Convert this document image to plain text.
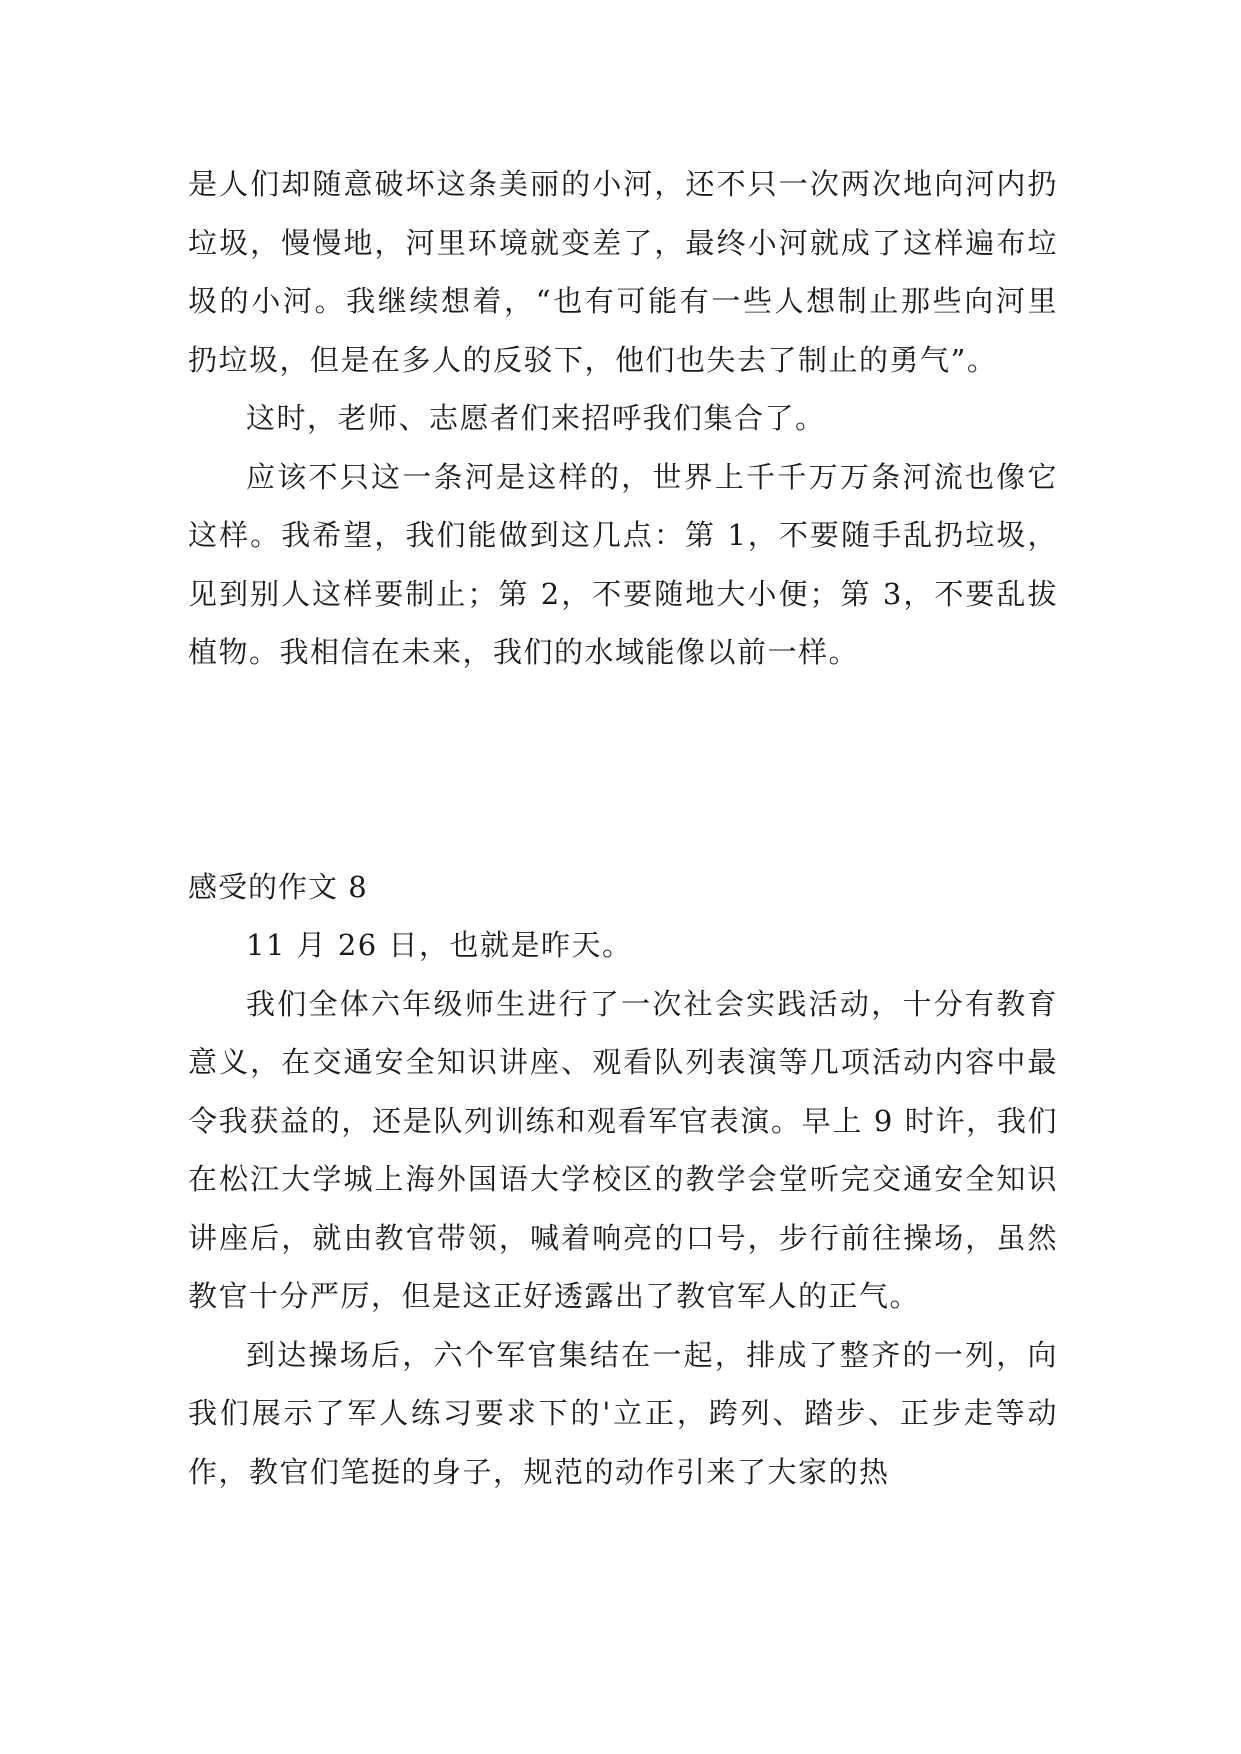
是人们却随意破坏这条美丽的小河，还不只一次两次地向河内扔垃圾，慢慢地，河里环境就变差了，最终小河就成了这样遍布垃圾的小河。我继续想着，“也有可能有一些人想制止那些向河里扔垃圾，但是在多人的反驳下，他们也失去了制止的勇气”。

这时，老师、志愿者们来招呼我们集合了。

应该不只这一条河是这样的，世界上千千万万条河流也像它这样。我希望，我们能做到这几点：第 1，不要随手乱扔垃圾，见到别人这样要制止；第 2，不要随地大小便；第 3，不要乱拔植物。我相信在未来，我们的水域能像以前一样。

感受的作文 8

11 月 26 日，也就是昨天。

我们全体六年级师生进行了一次社会实践活动，十分有教育意义，在交通安全知识讲座、观看队列表演等几项活动内容中最令我获益的，还是队列训练和观看军官表演。早上 9 时许，我们在松江大学城上海外国语大学校区的教学会堂听完交通安全知识讲座后，就由教官带领，喊着响亮的口号，步行前往操场，虽然教官十分严厉，但是这正好透露出了教官军人的正气。

到达操场后，六个军官集结在一起，排成了整齐的一列，向我们展示了军人练习要求下的'立正，跨列、踏步、正步走等动作，教官们笔挺的身子，规范的动作引来了大家的热
